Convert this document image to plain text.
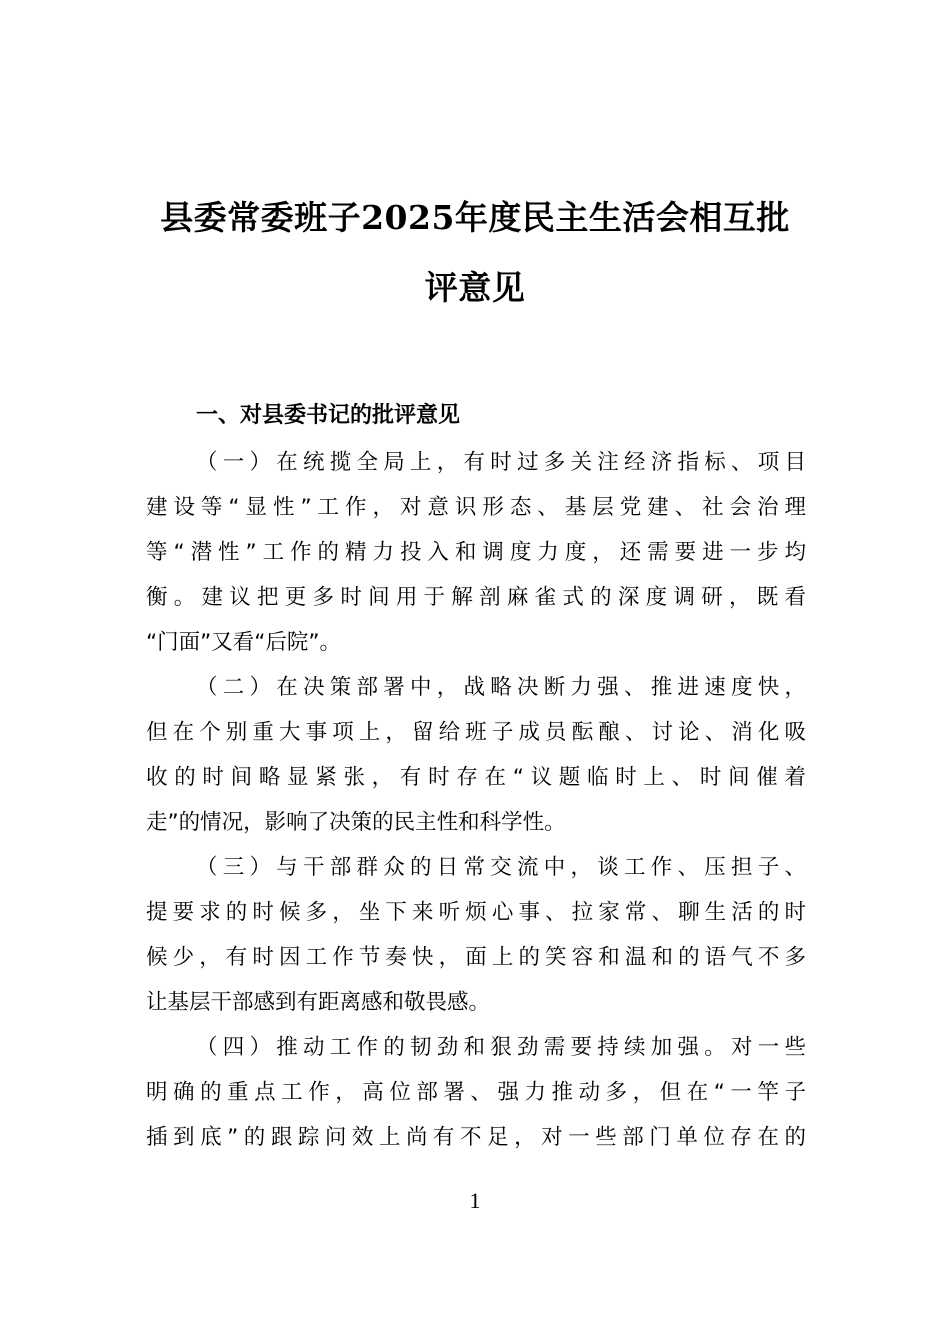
县委常委班子2025年度民主生活会相互批
评意见
一、对县委书记的批评意见
（一）在统揽全局上，有时过多关注经济指标、项目
建设等“显性”工作，对意识形态、基层党建、社会治理
等“潜性”工作的精力投入和调度力度，还需要进一步均
衡。建议把更多时间用于解剖麻雀式的深度调研，既看
“门面”又看“后院”。
（二）在决策部署中，战略决断力强、推进速度快，
但在个别重大事项上，留给班子成员酝酿、讨论、消化吸
收的时间略显紧张，有时存在“议题临时上、时间催着
走”的情况，影响了决策的民主性和科学性。
（三）与干部群众的日常交流中，谈工作、压担子、
提要求的时候多，坐下来听烦心事、拉家常、聊生活的时
候少，有时因工作节奏快，面上的笑容和温和的语气不多
让基层干部感到有距离感和敬畏感。
（四）推动工作的韧劲和狠劲需要持续加强。对一些
明确的重点工作，高位部署、强力推动多，但在“一竿子
插到底”的跟踪问效上尚有不足，对一些部门单位存在的
1
